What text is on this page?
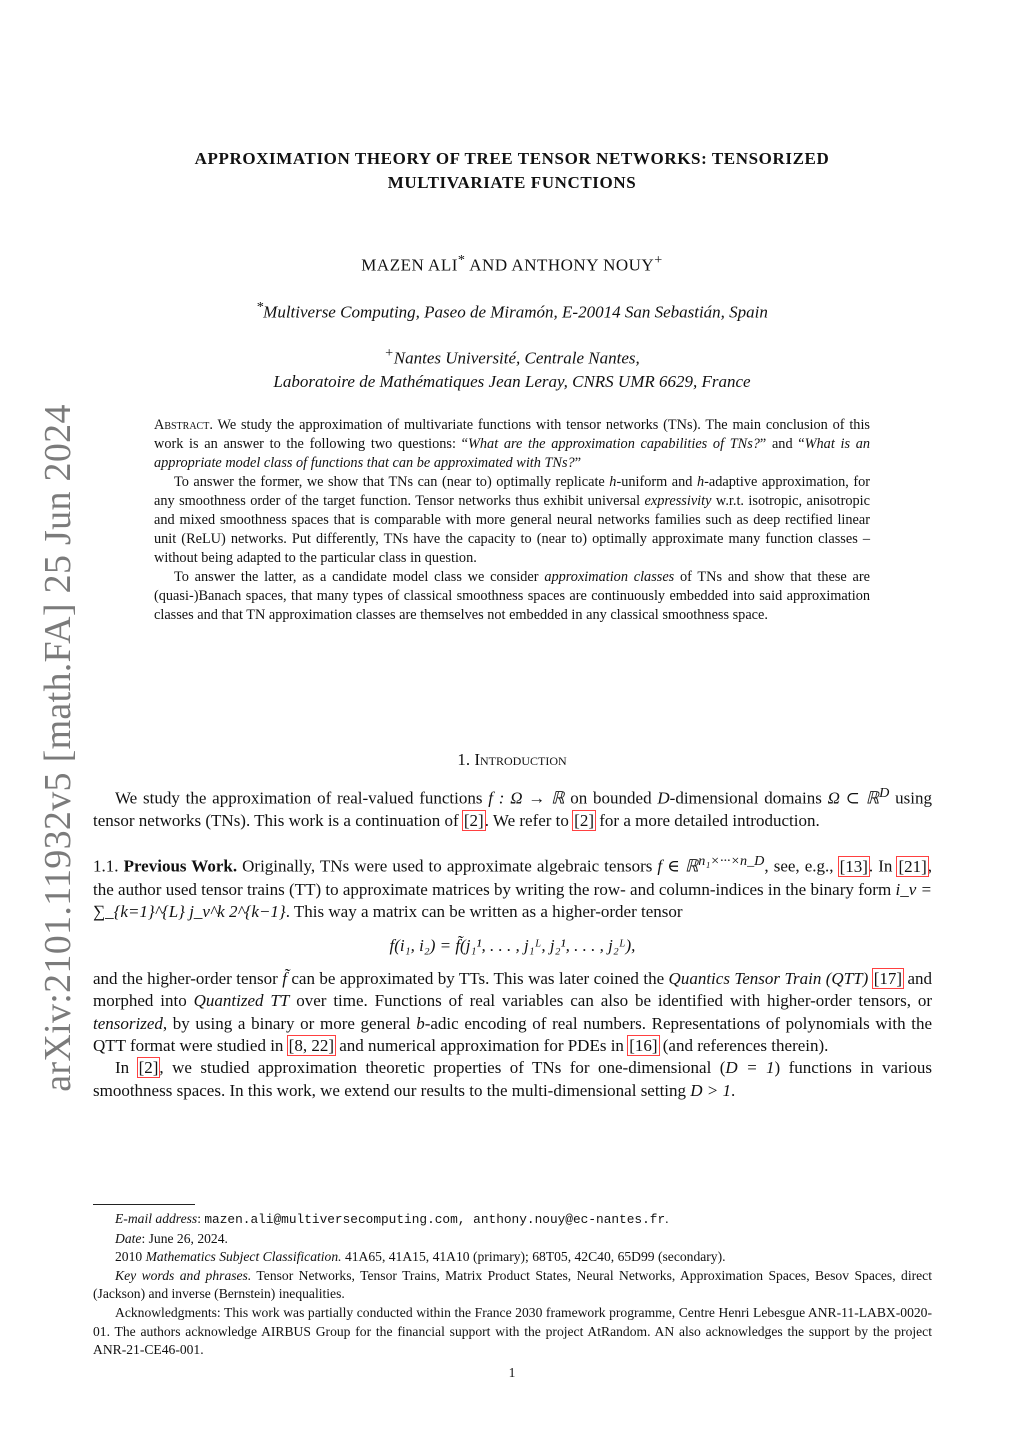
arXiv:2101.11932v5 [math.FA] 25 Jun 2024
APPROXIMATION THEORY OF TREE TENSOR NETWORKS: TENSORIZED
MULTIVARIATE FUNCTIONS
MAZEN ALI* AND ANTHONY NOUY+
*Multiverse Computing, Paseo de Miramón, E-20014 San Sebastián, Spain
+Nantes Université, Centrale Nantes,
Laboratoire de Mathématiques Jean Leray, CNRS UMR 6629, France

Abstract. We study the approximation of multivariate functions with tensor networks (TNs). The main conclusion of this work is an answer to the following two questions: “What are the approximation capabilities of TNs?” and “What is an appropriate model class of functions that can be approximated with TNs?”

To answer the former, we show that TNs can (near to) optimally replicate h-uniform and h-adaptive approximation, for any smoothness order of the target function. Tensor networks thus exhibit universal expressivity w.r.t. isotropic, anisotropic and mixed smoothness spaces that is comparable with more general neural networks families such as deep rectified linear unit (ReLU) networks. Put differently, TNs have the capacity to (near to) optimally approximate many function classes – without being adapted to the particular class in question.

To answer the latter, as a candidate model class we consider approximation classes of TNs and show that these are (quasi-)Banach spaces, that many types of classical smoothness spaces are continuously embedded into said approximation classes and that TN approximation classes are themselves not embedded in any classical smoothness space.

1. Introduction

We study the approximation of real-valued functions f : Ω → ℝ on bounded D-dimensional domains Ω ⊂ ℝ$^D$ using tensor networks (TNs). This work is a continuation of [2]. We refer to [2] for a more detailed introduction.

1.1. Previous Work. Originally, TNs were used to approximate algebraic tensors f ∈ ℝ$^{n_1\times\cdot\cdot\cdot\times n\_D}$, see, e.g., [13]. In [21], the author used tensor trains (TT) to approximate matrices by writing the row- and column-indices in the binary form i_ν = ∑_{k=1}^{L} j_ν^k 2^{k−1}. This way a matrix can be written as a higher-order tensor

f(i₁, i₂) = f̃(j₁¹, . . . , j₁ᴸ, j₂¹, . . . , j₂ᴸ),

and the higher-order tensor f̃ can be approximated by TTs. This was later coined the Quantics Tensor Train (QTT) [17] and morphed into Quantized TT over time. Functions of real variables can also be identified with higher-order tensors, or tensorized, by using a binary or more general b-adic encoding of real numbers. Representations of polynomials with the QTT format were studied in [8, 22] and numerical approximation for PDEs in [16] (and references therein).

In [2], we studied approximation theoretic properties of TNs for one-dimensional (D = 1) functions in various smoothness spaces. In this work, we extend our results to the multi-dimensional setting D > 1.

E-mail address: mazen.ali@multiversecomputing.com, anthony.nouy@ec-nantes.fr.

Date: June 26, 2024.

2010 Mathematics Subject Classification. 41A65, 41A15, 41A10 (primary); 68T05, 42C40, 65D99 (secondary).

Key words and phrases. Tensor Networks, Tensor Trains, Matrix Product States, Neural Networks, Approximation Spaces, Besov Spaces, direct (Jackson) and inverse (Bernstein) inequalities.

Acknowledgments: This work was partially conducted within the France 2030 framework programme, Centre Henri Lebesgue ANR-11-LABX-0020-01. The authors acknowledge AIRBUS Group for the financial support with the project AtRandom. AN also acknowledges the support by the project ANR-21-CE46-001.

1
